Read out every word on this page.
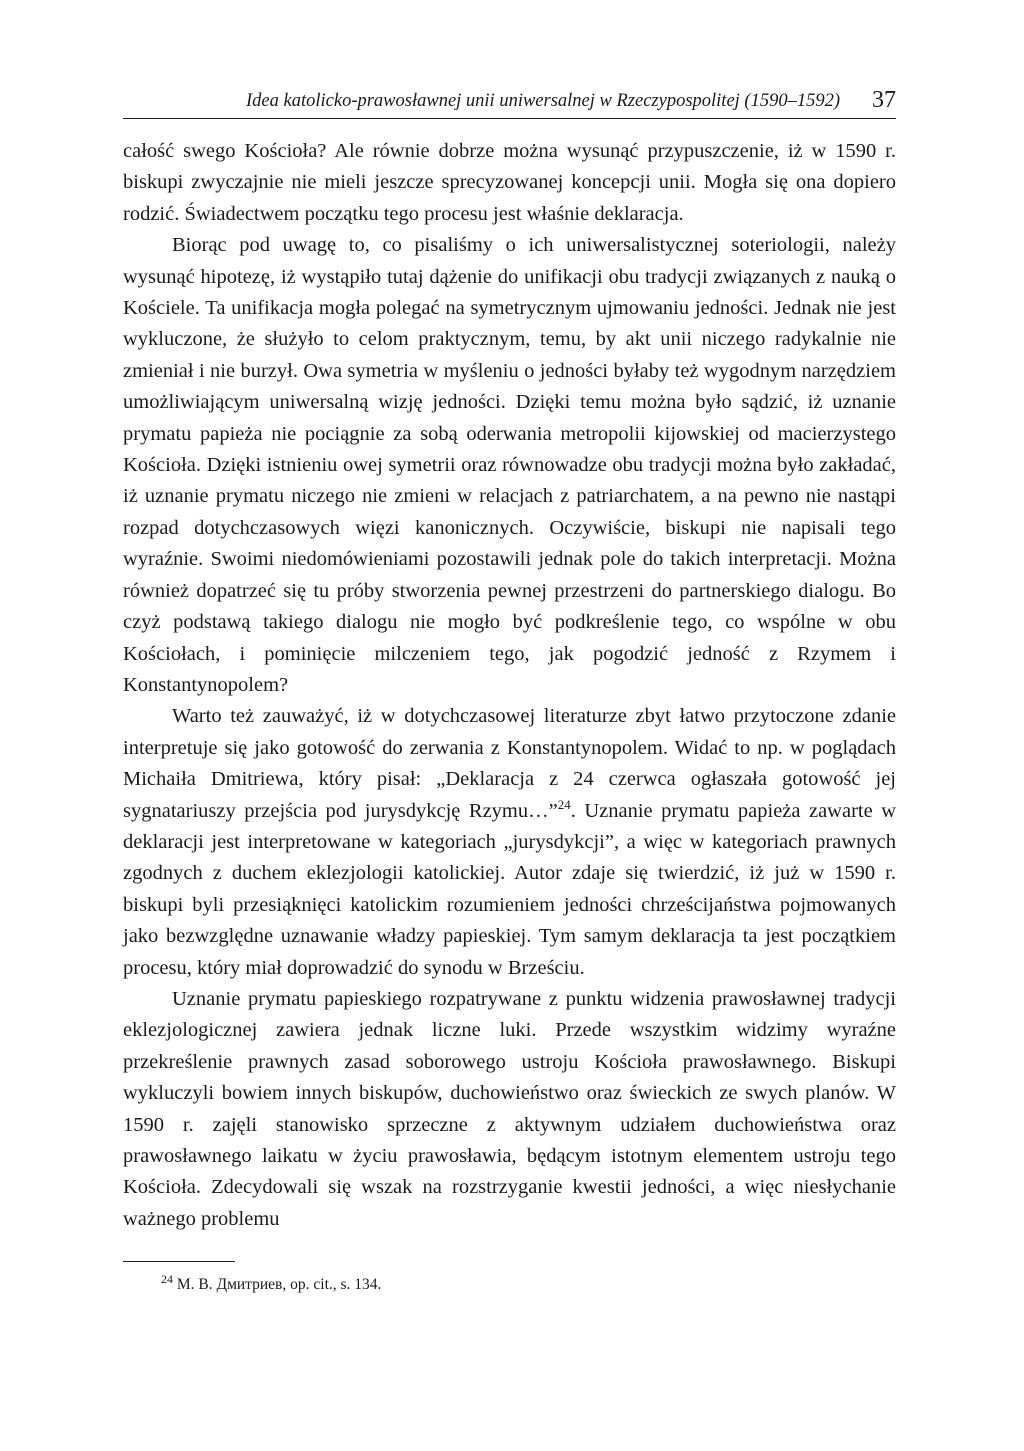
Idea katolicko-prawosławnej unii uniwersalnej w Rzeczypospolitej (1590–1592) 37

całość swego Kościoła? Ale równie dobrze można wysunąć przypuszczenie, iż w 1590 r. biskupi zwyczajnie nie mieli jeszcze sprecyzowanej koncepcji unii. Mogła się ona dopiero rodzić. Świadectwem początku tego procesu jest właśnie deklaracja.

Biorąc pod uwagę to, co pisaliśmy o ich uniwersalistycznej soteriologii, należy wysunąć hipotezę, iż wystąpiło tutaj dążenie do unifikacji obu tradycji związanych z nauką o Kościele. Ta unifikacja mogła polegać na symetrycznym ujmowaniu jedności. Jednak nie jest wykluczone, że służyło to celom praktycznym, temu, by akt unii niczego radykalnie nie zmieniał i nie burzył. Owa symetria w myśleniu o jedności byłaby też wygodnym narzędziem umożliwiającym uniwersalną wizję jedności. Dzięki temu można było sądzić, iż uznanie prymatu papieża nie pociągnie za sobą oderwania metropolii kijowskiej od macierzystego Kościoła. Dzięki istnieniu owej symetrii oraz równowadze obu tradycji można było zakładać, iż uznanie prymatu niczego nie zmieni w relacjach z patriarchatem, a na pewno nie nastąpi rozpad dotychczasowych więzi kanonicznych. Oczywiście, biskupi nie napisali tego wyraźnie. Swoimi niedomówieniami pozostawili jednak pole do takich interpretacji. Można również dopatrzeć się tu próby stworzenia pewnej przestrzeni do partnerskiego dialogu. Bo czyż podstawą takiego dialogu nie mogło być podkreślenie tego, co wspólne w obu Kościołach, i pominięcie milczeniem tego, jak pogodzić jedność z Rzymem i Konstantynopolem?

Warto też zauważyć, iż w dotychczasowej literaturze zbyt łatwo przytoczone zdanie interpretuje się jako gotowość do zerwania z Konstantynopolem. Widać to np. w poglądach Michaiła Dmitriewa, który pisał: „Deklaracja z 24 czerwca ogłaszała gotowość jej sygnatariuszy przejścia pod jurysdykcję Rzymu…”$^{24}$. Uznanie prymatu papieża zawarte w deklaracji jest interpretowane w kategoriach „jurysdykcji”, a więc w kategoriach prawnych zgodnych z duchem eklezjologii katolickiej. Autor zdaje się twierdzić, iż już w 1590 r. biskupi byli przesiąknięci katolickim rozumieniem jedności chrześcijaństwa pojmowanych jako bezwzględne uznawanie władzy papieskiej. Tym samym deklaracja ta jest początkiem procesu, który miał doprowadzić do synodu w Brześciu.

Uznanie prymatu papieskiego rozpatrywane z punktu widzenia prawosławnej tradycji eklezjologicznej zawiera jednak liczne luki. Przede wszystkim widzimy wyraźne przekreślenie prawnych zasad soborowego ustroju Kościoła prawosławnego. Biskupi wykluczyli bowiem innych biskupów, duchowieństwo oraz świeckich ze swych planów. W 1590 r. zajęli stanowisko sprzeczne z aktywnym udziałem duchowieństwa oraz prawosławnego laikatu w życiu prawosławia, będącym istotnym elementem ustroju tego Kościoła. Zdecydowali się wszak na rozstrzyganie kwestii jedności, a więc niesłychanie ważnego problemu

$^{24}$ М. В. Дмитриев, op. cit., s. 134.
